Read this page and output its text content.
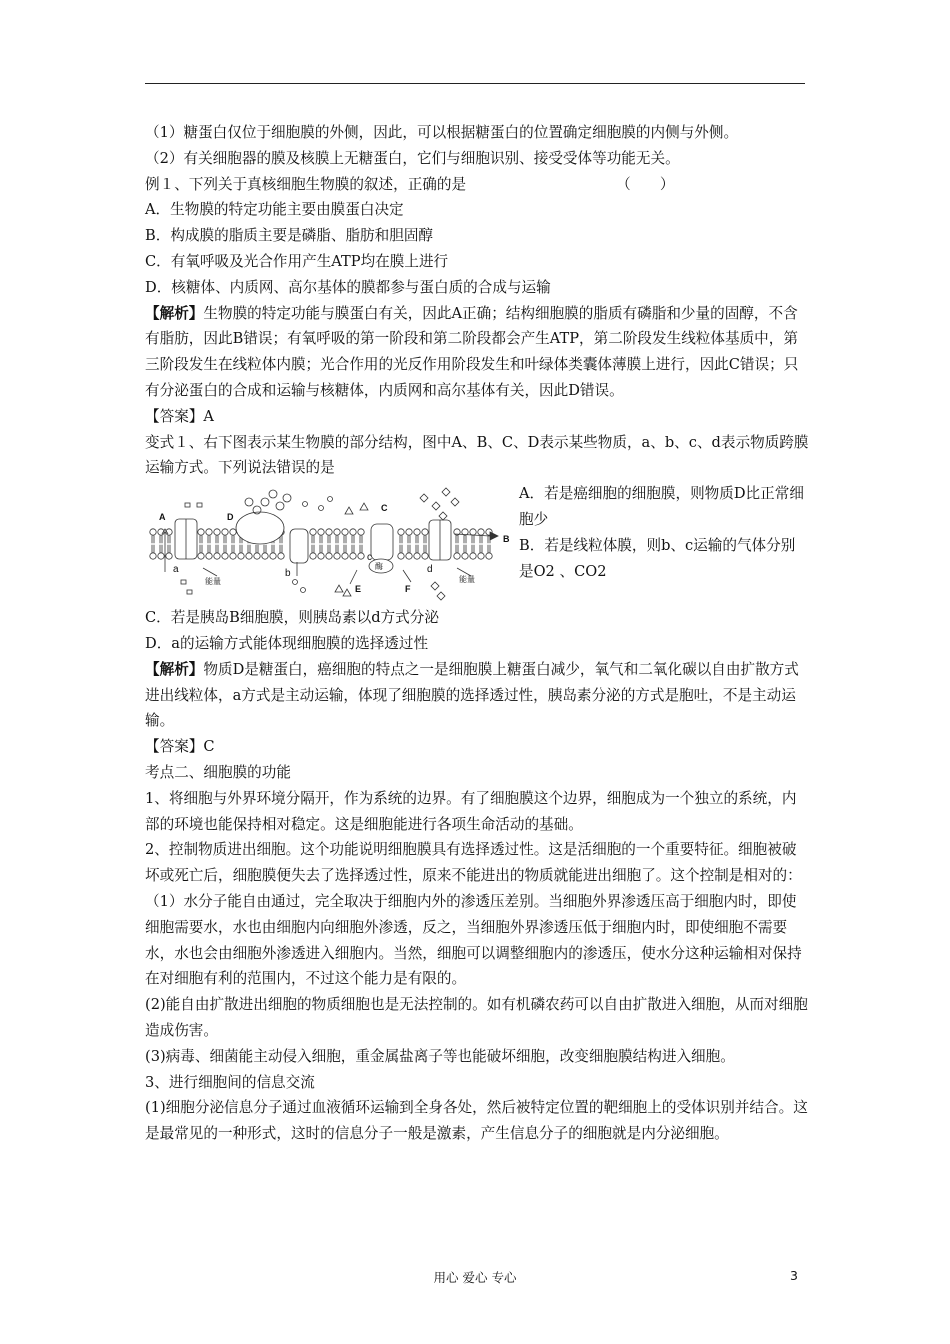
（1）糖蛋白仅位于细胞膜的外侧，因此，可以根据糖蛋白的位置确定细胞膜的内侧与外侧。

（2）有关细胞器的膜及核膜上无糖蛋白，它们与细胞识别、接受受体等功能无关。

例１、下列关于真核细胞生物膜的叙述，正确的是	（　　）

A．生物膜的特定功能主要由膜蛋白决定

B．构成膜的脂质主要是磷脂、脂肪和胆固醇

C．有氧呼吸及光合作用产生ATP均在膜上进行

D．核糖体、内质网、高尔基体的膜都参与蛋白质的合成与运输

【解析】生物膜的特定功能与膜蛋白有关，因此A正确；结构细胞膜的脂质有磷脂和少量的固醇，不含有脂肪，因此B错误；有氧呼吸的第一阶段和第二阶段都会产生ATP，第二阶段发生线粒体基质中，第三阶段发生在线粒体内膜；光合作用的光反作用阶段发生和叶绿体类囊体薄膜上进行，因此C错误；只有分泌蛋白的合成和运输与核糖体，内质网和高尔基体有关，因此D错误。

【答案】A

变式１、右下图表示某生物膜的部分结构，图中A、B、C、D表示某些物质，a、b、c、d表示物质跨膜运输方式。下列说法错误的是

A
B
C
D
E	F
a	b
c
d
能量	能量
酶

A．若是癌细胞的细胞膜，则物质D比正常细胞少

B．若是线粒体膜，则b、c运输的气体分别是O2 、CO2

C．若是胰岛B细胞膜，则胰岛素以d方式分泌

D．a的运输方式能体现细胞膜的选择透过性

【解析】物质D是糖蛋白，癌细胞的特点之一是细胞膜上糖蛋白减少，氧气和二氧化碳以自由扩散方式进出线粒体，a方式是主动运输，体现了细胞膜的选择透过性，胰岛素分泌的方式是胞吐，不是主动运输。

【答案】C

考点二、细胞膜的功能

1、将细胞与外界环境分隔开，作为系统的边界。有了细胞膜这个边界，细胞成为一个独立的系统，内部的环境也能保持相对稳定。这是细胞能进行各项生命活动的基础。

2、控制物质进出细胞。这个功能说明细胞膜具有选择透过性。这是活细胞的一个重要特征。细胞被破坏或死亡后，细胞膜便失去了选择透过性，原来不能进出的物质就能进出细胞了。这个控制是相对的：

（1）水分子能自由通过，完全取决于细胞内外的渗透压差别。当细胞外界渗透压高于细胞内时，即使细胞需要水，水也由细胞内向细胞外渗透，反之，当细胞外界渗透压低于细胞内时，即使细胞不需要水，水也会由细胞外渗透进入细胞内。当然，细胞可以调整细胞内的渗透压，使水分这种运输相对保持在对细胞有利的范围内，不过这个能力是有限的。

(2)能自由扩散进出细胞的物质细胞也是无法控制的。如有机磷农药可以自由扩散进入细胞，从而对细胞造成伤害。

(3)病毒、细菌能主动侵入细胞，重金属盐离子等也能破坏细胞，改变细胞膜结构进入细胞。

3、进行细胞间的信息交流

(1)细胞分泌信息分子通过血液循环运输到全身各处，然后被特定位置的靶细胞上的受体识别并结合。这是最常见的一种形式，这时的信息分子一般是激素，产生信息分子的细胞就是内分泌细胞。

用心 爱心 专心	3
